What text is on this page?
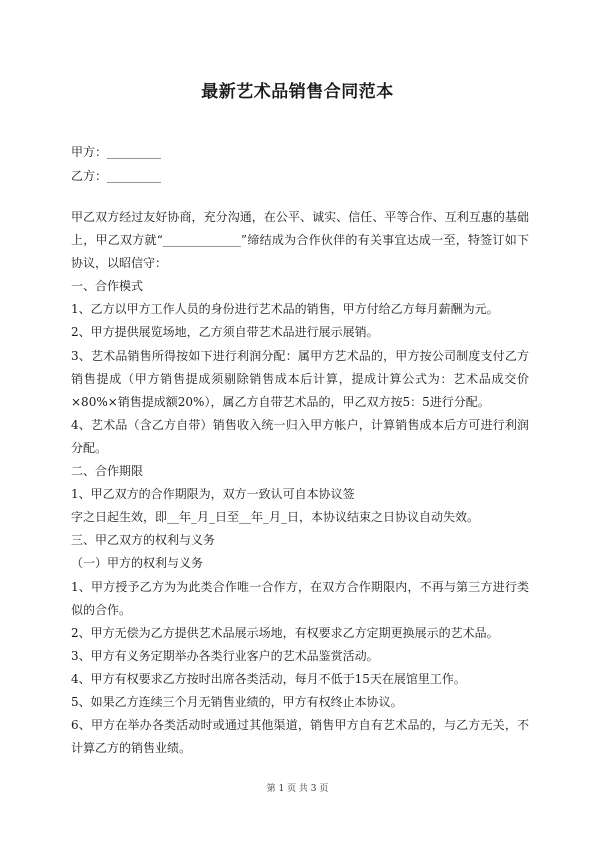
最新艺术品销售合同范本
甲方：_________
乙方：_________

甲乙双方经过友好协商，充分沟通，在公平、诚实、信任、平等合作、互利互惠的基础上，甲乙双方就“_____________”缔结成为合作伙伴的有关事宜达成一至，特签订如下协议，以昭信守：

一、合作模式

1、乙方以甲方工作人员的身份进行艺术品的销售，甲方付给乙方每月薪酬为元。

2、甲方提供展览场地，乙方须自带艺术品进行展示展销。

3、艺术品销售所得按如下进行利润分配：属甲方艺术品的，甲方按公司制度支付乙方销售提成（甲方销售提成须剔除销售成本后计算，提成计算公式为：艺术品成交价×80%×销售提成额20%），属乙方自带艺术品的，甲乙双方按5：5进行分配。

4、艺术品（含乙方自带）销售收入统一归入甲方帐户，计算销售成本后方可进行利润分配。

二、合作期限

1、甲乙双方的合作期限为，双方一致认可自本协议签

字之日起生效，即__年_月_日至__年_月_日，本协议结束之日协议自动失效。

三、甲乙双方的权利与义务

（一）甲方的权利与义务

1、甲方授予乙方为为此类合作唯一合作方，在双方合作期限内，不再与第三方进行类似的合作。

2、甲方无偿为乙方提供艺术品展示场地，有权要求乙方定期更换展示的艺术品。

3、甲方有义务定期举办各类行业客户的艺术品鉴赏活动。

4、甲方有权要求乙方按时出席各类活动，每月不低于15天在展馆里工作。

5、如果乙方连续三个月无销售业绩的，甲方有权终止本协议。

6、甲方在举办各类活动时或通过其他渠道，销售甲方自有艺术品的，与乙方无关，不计算乙方的销售业绩。

第 1 页 共 3 页
